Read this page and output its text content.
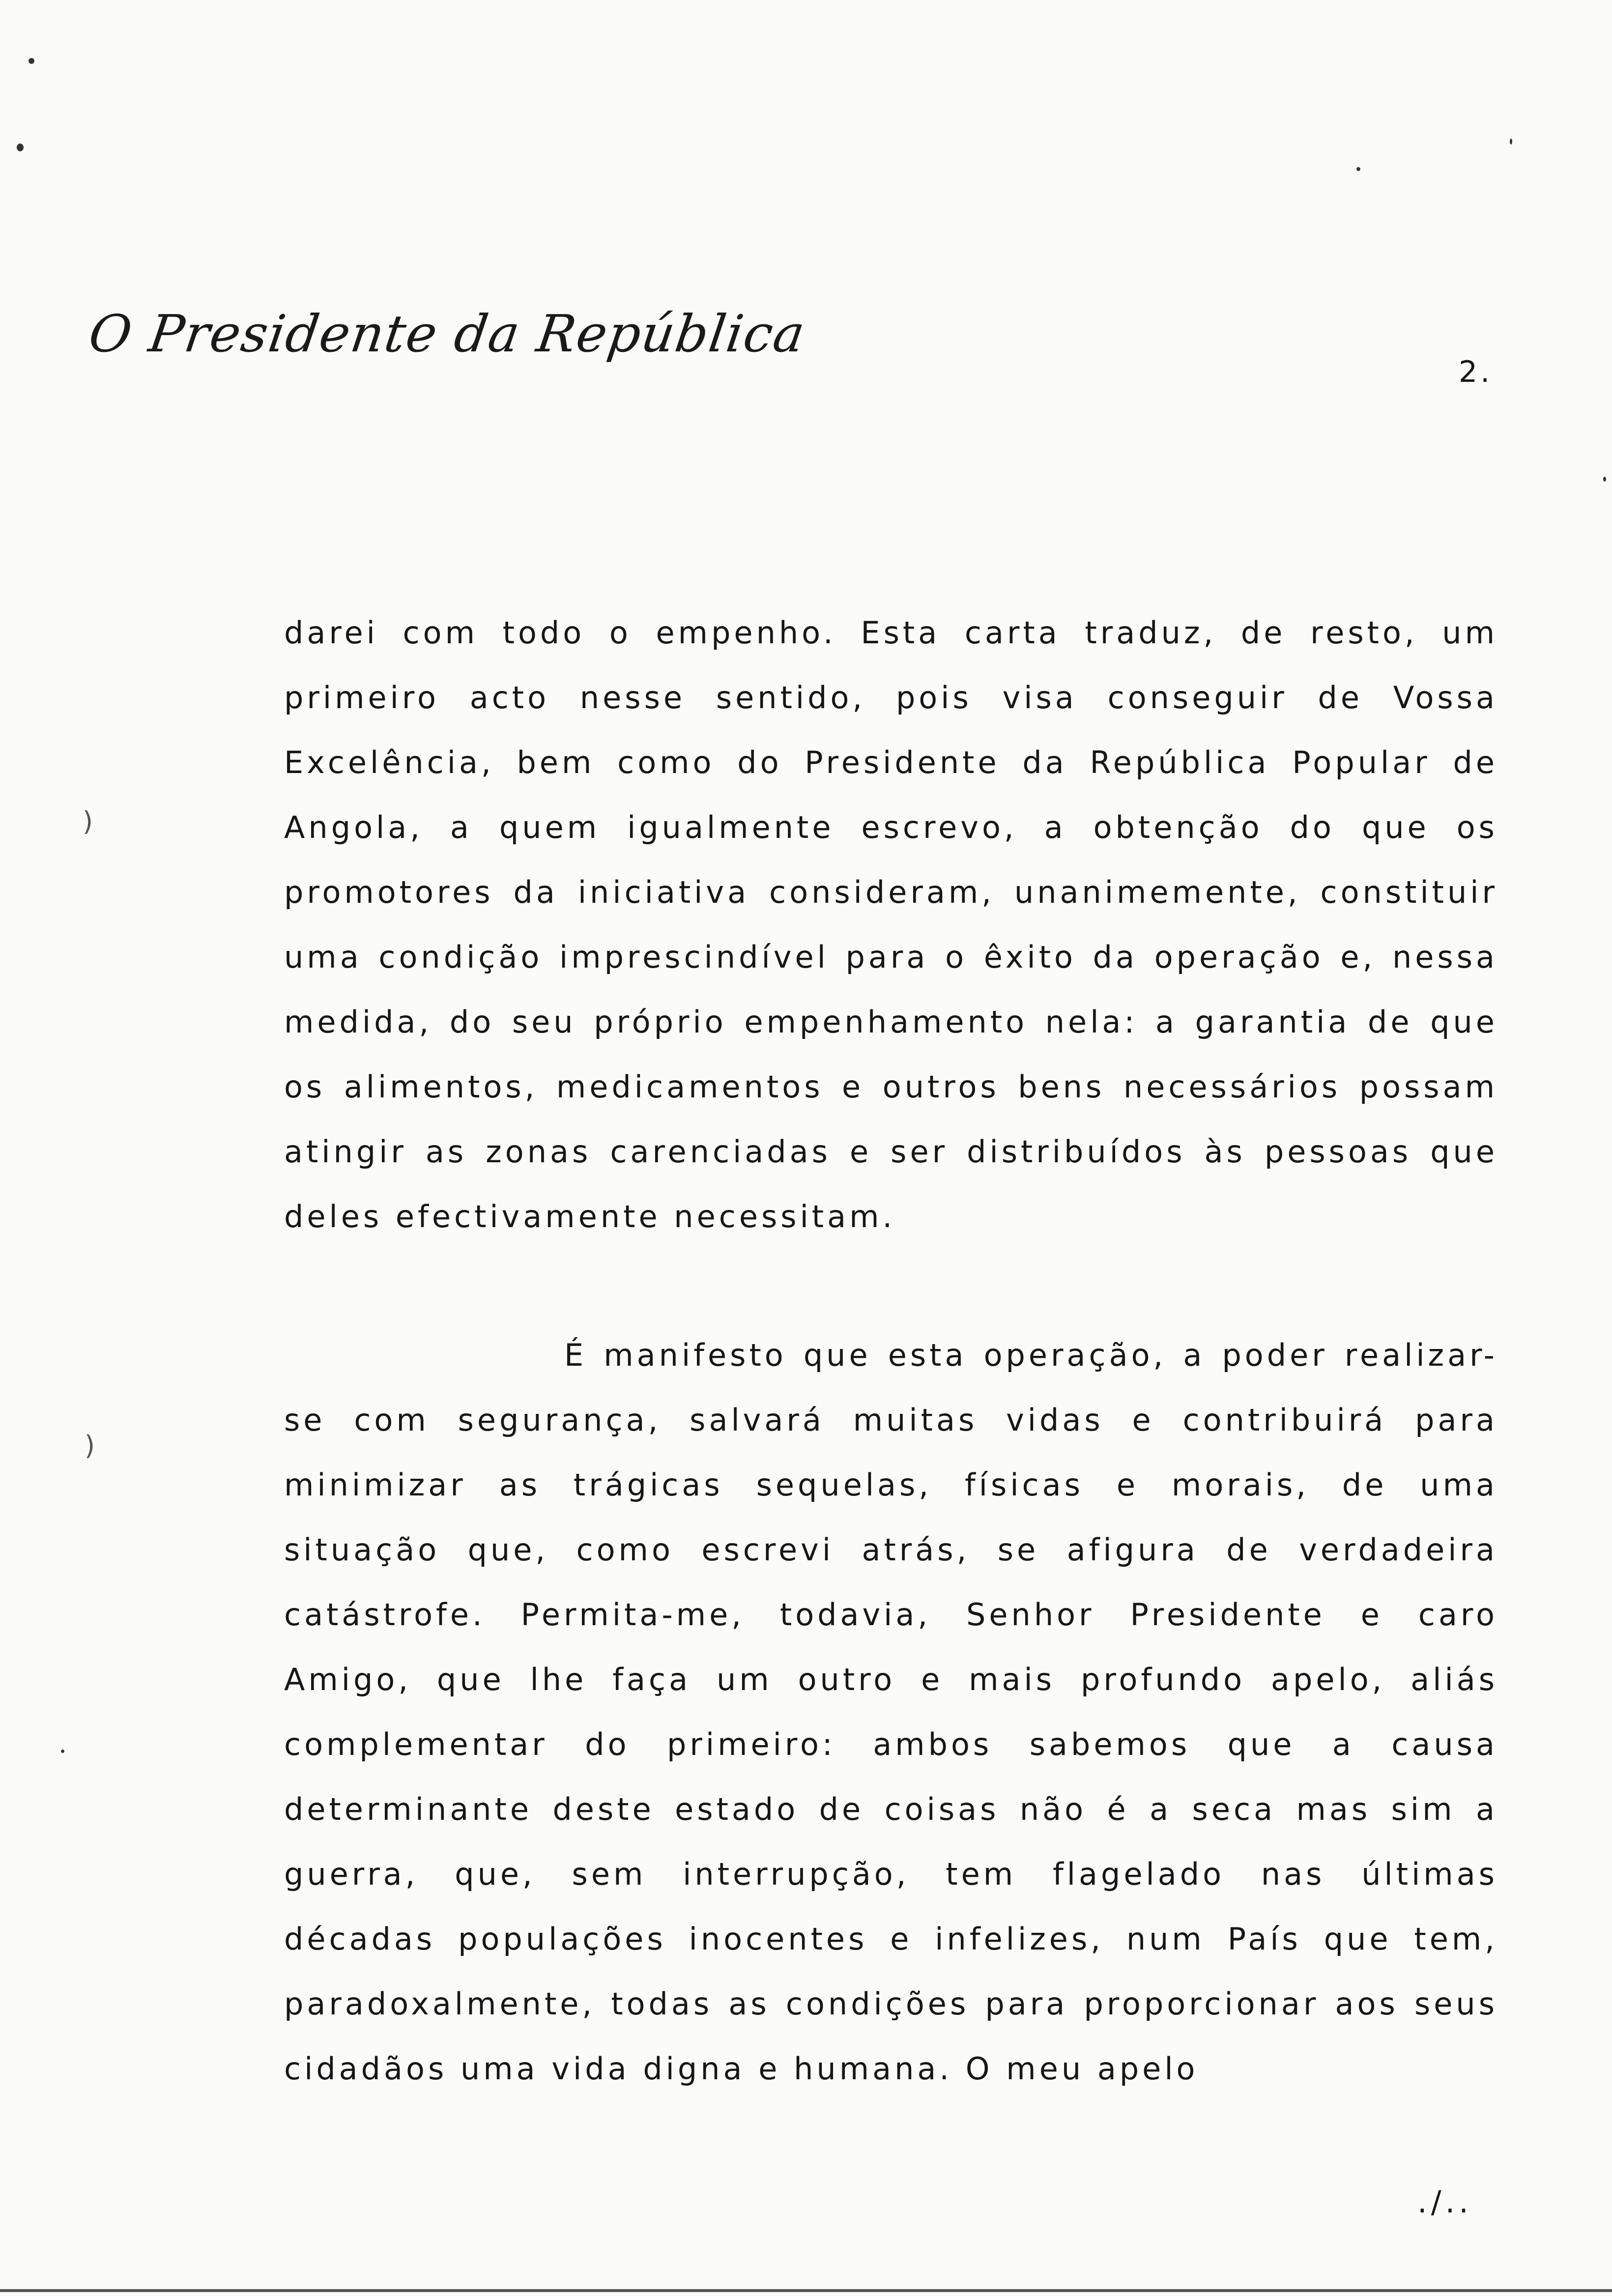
O Presidente da República
2.

darei com todo o empenho. Esta carta traduz, de resto, um primeiro acto nesse sentido, pois visa conseguir de Vossa Excelência, bem como do Presidente da República Popular de Angola, a quem igualmente escrevo, a obtenção do que os promotores da iniciativa consideram, unanimemente, constituir uma condição imprescindível para o êxito da operação e, nessa medida, do seu próprio empenhamento nela: a garantia de que os alimentos, medicamentos e outros bens necessários possam atingir as zonas carenciadas e ser distribuídos às pessoas que deles efectivamente necessitam.

É manifesto que esta operação, a poder realizar-se com segurança, salvará muitas vidas e contribuirá para minimizar as trágicas sequelas, físicas e morais, de uma situação que, como escrevi atrás, se afigura de verdadeira catástrofe. Permita-me, todavia, Senhor Presidente e caro Amigo, que lhe faça um outro e mais profundo apelo, aliás complementar do primeiro: ambos sabemos que a causa determinante deste estado de coisas não é a seca mas sim a guerra, que, sem interrupção, tem flagelado nas últimas décadas populações inocentes e infelizes, num País que tem, paradoxalmente, todas as condições para proporcionar aos seus cidadãos uma vida digna e humana. O meu apelo

./..
)
)
